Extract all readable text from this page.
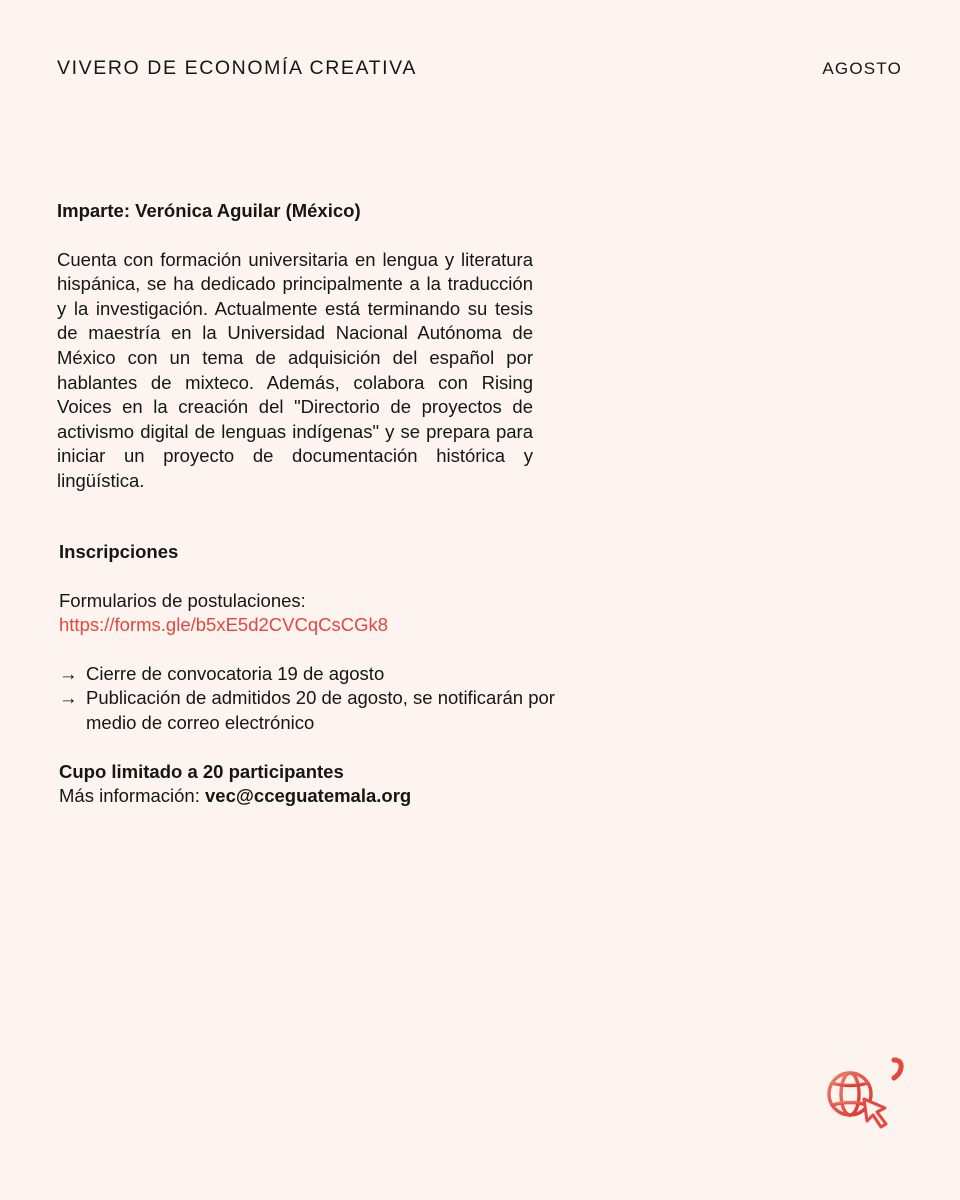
VIVERO DE ECONOMÍA CREATIVA	AGOSTO

Imparte: Verónica Aguilar (México)

Cuenta con formación universitaria en lengua y literatura hispánica, se ha dedicado principalmente a la traducción y la investigación. Actualmente está terminando su tesis de maestría en la Universidad Nacional Autónoma de México con un tema de adquisición del español por hablantes de mixteco. Además, colabora con Rising Voices en la creación del "Directorio de proyectos de activismo digital de lenguas indígenas" y se prepara para iniciar un proyecto de documentación histórica y lingüística.

Inscripciones

Formularios de postulaciones:
https://forms.gle/b5xE5d2CVCqCsCGk8

→ Cierre de convocatoria 19 de agosto
→ Publicación de admitidos 20 de agosto, se notificarán por medio de correo electrónico

Cupo limitado a 20 participantes

Más información: vec@cceguatemala.org
